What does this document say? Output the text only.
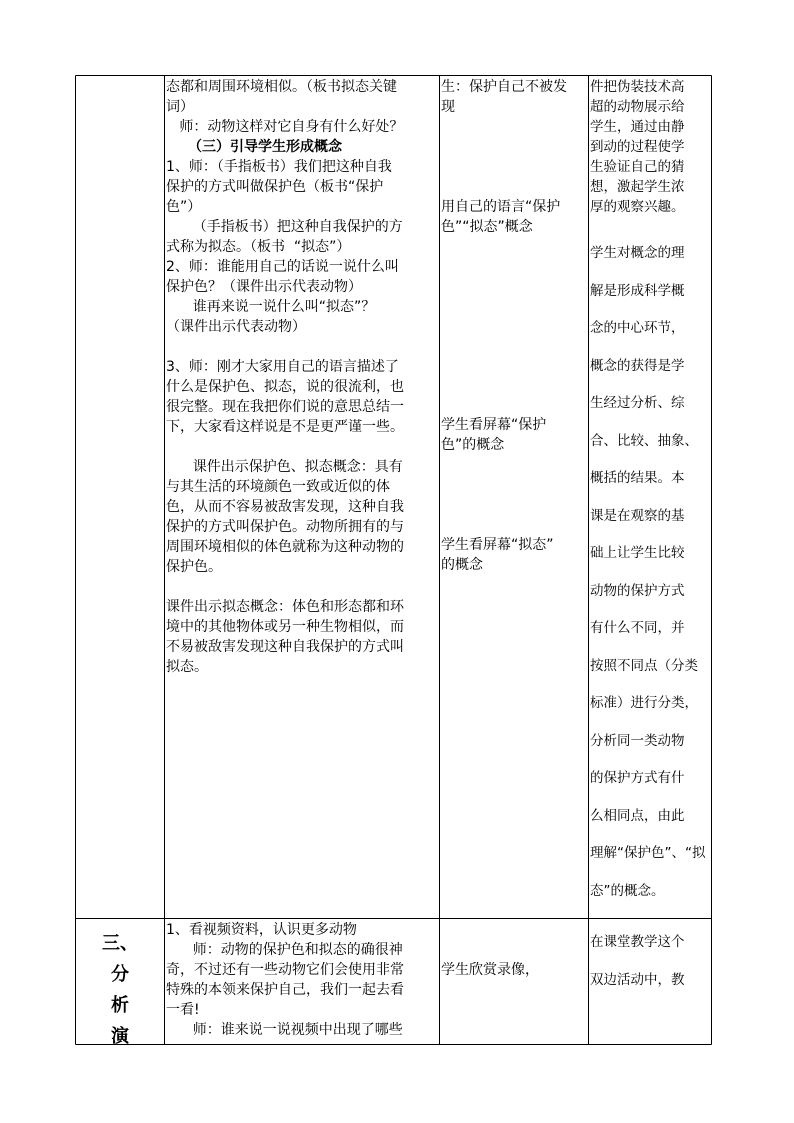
态都和周围环境相似。（板书拟态关键
词）
师：动物这样对它自身有什么好处？
（三）引导学生形成概念
1、师：（手指板书）我们把这种自我
保护的方式叫做保护色（板书“保护
色”）
（手指板书）把这种自我保护的方
式称为拟态。（板书  “拟态”）
2、师：谁能用自己的话说一说什么叫
保护色？（课件出示代表动物）
谁再来说一说什么叫“拟态”？
（课件出示代表动物）
3、师：刚才大家用自己的语言描述了
什么是保护色、拟态，说的很流利，也
很完整。现在我把你们说的意思总结一
下，大家看这样说是不是更严谨一些。
课件出示保护色、拟态概念：具有
与其生活的环境颜色一致或近似的体
色，从而不容易被敌害发现，这种自我
保护的方式叫保护色。动物所拥有的与
周围环境相似的体色就称为这种动物的
保护色。
课件出示拟态概念：体色和形态都和环
境中的其他物体或另一种生物相似，而
不易被敌害发现这种自我保护的方式叫
拟态。
生：保护自己不被发
现
用自己的语言“保护
色”“拟态”概念
学生看屏幕“保护
色”的概念
学生看屏幕“拟态”
的概念
件把伪装技术高
超的动物展示给
学生，通过由静
到动的过程使学
生验证自己的猜
想，激起学生浓
厚的观察兴趣。
学生对概念的理
解是形成科学概
念的中心环节，
概念的获得是学
生经过分析、综
合、比较、抽象、
概括的结果。本
课是在观察的基
础上让学生比较
动物的保护方式
有什么不同，并
按照不同点（分类
标准）进行分类，
分析同一类动物
的保护方式有什
么相同点，由此
理解“保护色”、“拟
态”的概念。
三、
分
析
演
1、看视频资料，认识更多动物
师：动物的保护色和拟态的确很神
奇，不过还有一些动物它们会使用非常
特殊的本领来保护自己，我们一起去看
一看!
师：谁来说一说视频中出现了哪些
学生欣赏录像，
在课堂教学这个
双边活动中，教
